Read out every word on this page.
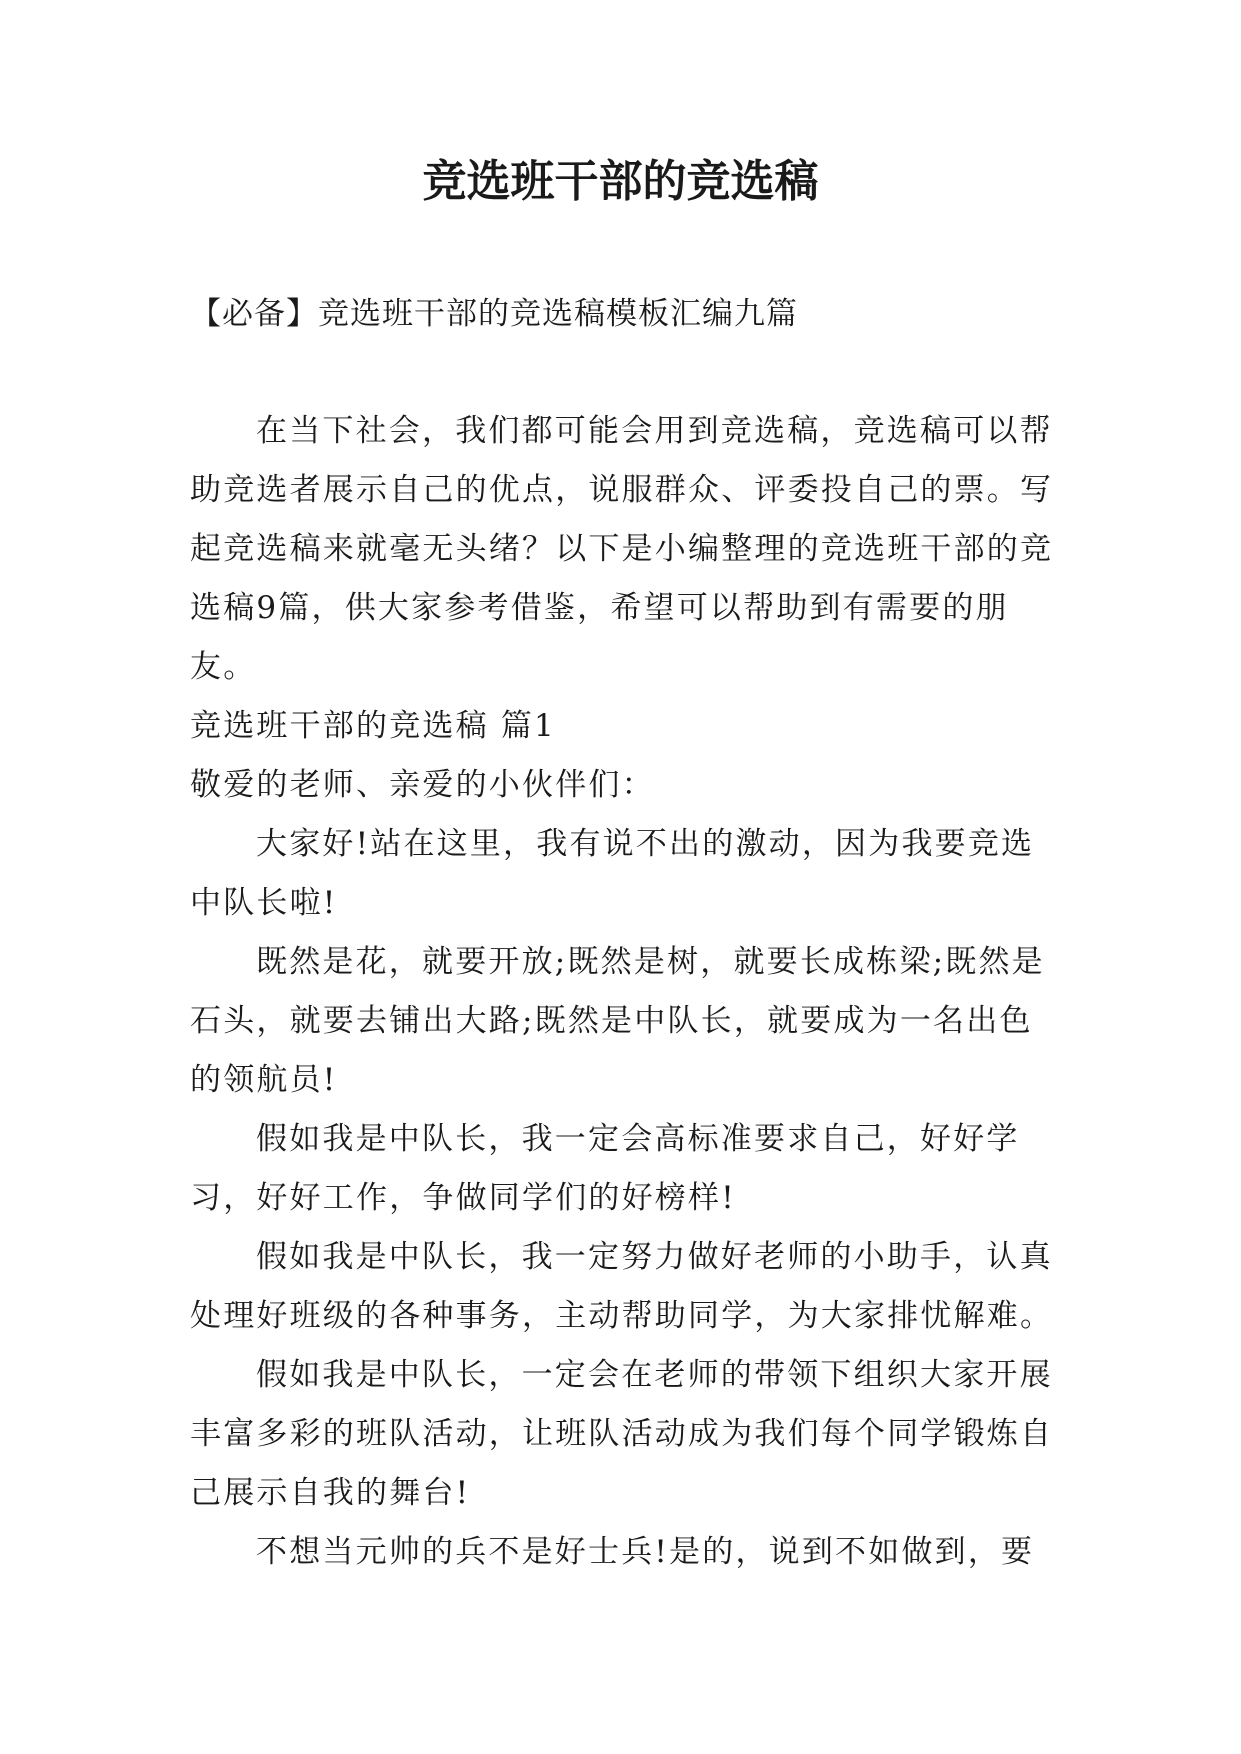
竞选班干部的竞选稿

【必备】竞选班干部的竞选稿模板汇编九篇

在当下社会，我们都可能会用到竞选稿，竞选稿可以帮助竞选者展示自己的优点，说服群众、评委投自己的票。写起竞选稿来就毫无头绪？以下是小编整理的竞选班干部的竞选稿9篇，供大家参考借鉴，希望可以帮助到有需要的朋友。

竞选班干部的竞选稿 篇1

敬爱的老师、亲爱的小伙伴们：

大家好!站在这里，我有说不出的激动，因为我要竞选中队长啦!

既然是花，就要开放;既然是树，就要长成栋梁;既然是石头，就要去铺出大路;既然是中队长，就要成为一名出色的领航员!

假如我是中队长，我一定会高标准要求自己，好好学习，好好工作，争做同学们的好榜样!

假如我是中队长，我一定努力做好老师的小助手，认真处理好班级的各种事务，主动帮助同学，为大家排忧解难。

假如我是中队长，一定会在老师的带领下组织大家开展丰富多彩的班队活动，让班队活动成为我们每个同学锻炼自己展示自我的舞台!

不想当元帅的兵不是好士兵!是的，说到不如做到，要
